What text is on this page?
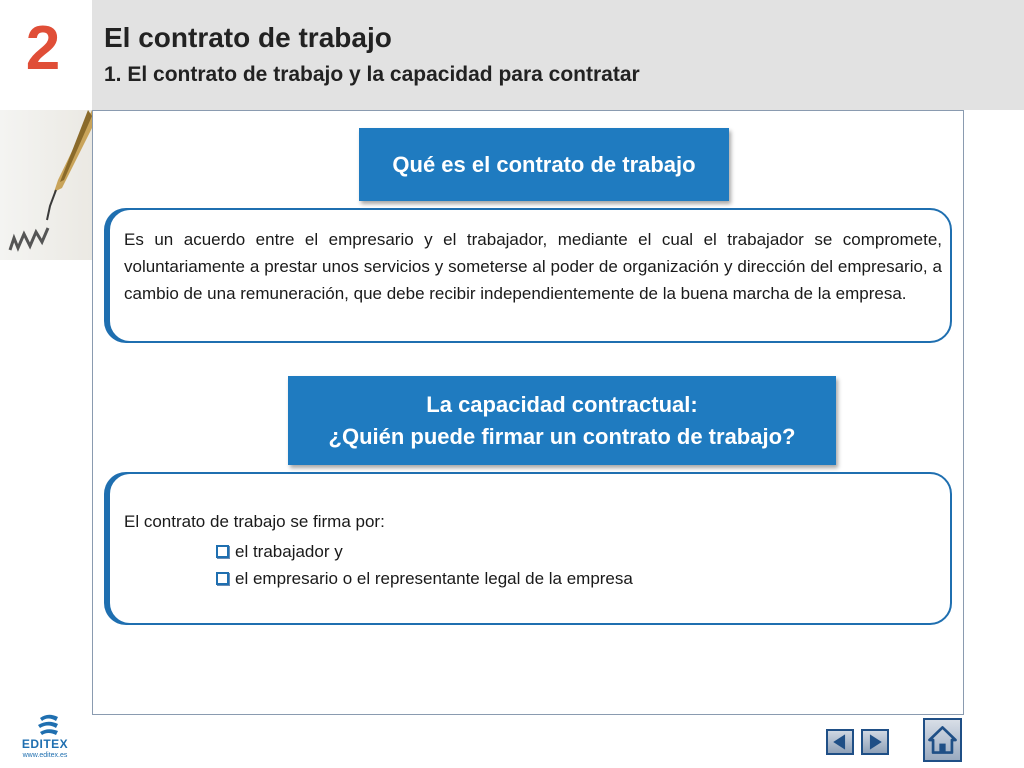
2	El contrato de trabajo
1. El contrato de trabajo y la capacidad para contratar
Qué es el contrato de trabajo
Es un acuerdo entre el empresario y el trabajador, mediante el cual el trabajador se compromete, voluntariamente a prestar unos servicios y someterse al poder de organización y dirección del empresario, a cambio de una remuneración, que debe recibir independientemente de la buena marcha de la empresa.
La capacidad contractual:
¿Quién puede firmar un contrato de trabajo?
El contrato de trabajo se firma por:
el trabajador y
el empresario o el representante legal de la empresa
EDITEX
www.editex.es
